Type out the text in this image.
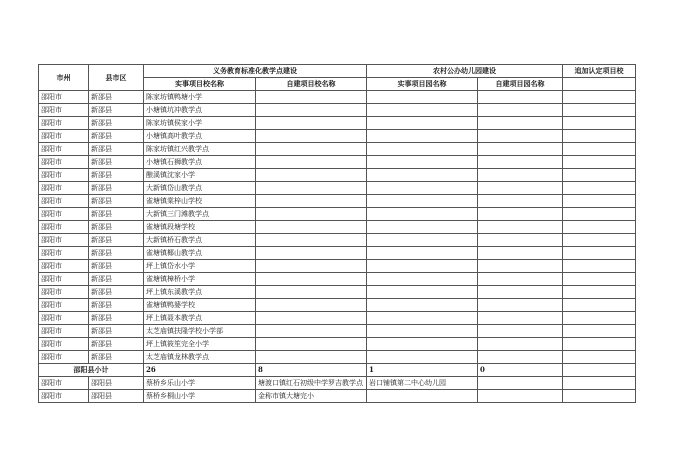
市州	县市区	义务教育标准化教学点建设		农村公办幼儿园建设		追加认定项目校
		实事项目校名称	自建项目校名称	实事项目园名称	自建项目园名称	
邵阳市	新邵县	陈家坊镇鸭塘小学				
邵阳市	新邵县	小塘镇坑冲教学点				
邵阳市	新邵县	陈家坊镇侯家小学				
邵阳市	新邵县	小塘镇高叶教学点				
邵阳市	新邵县	陈家坊镇红兴教学点				
邵阳市	新邵县	小塘镇石狮教学点				
邵阳市	新邵县	酿溪镇沈家小学				
邵阳市	新邵县	大新镇岱山教学点				
邵阳市	新邵县	雀塘镇棠梓山学校				
邵阳市	新邵县	大新镇三门滩教学点				
邵阳市	新邵县	雀塘镇段塘学校				
邵阳市	新邵县	大新镇桥石教学点				
邵阳市	新邵县	雀塘镇椰山教学点				
邵阳市	新邵县	坪上镇岱水小学				
邵阳市	新邵县	雀塘镇樟桥小学				
邵阳市	新邵县	坪上镇东溪教学点				
邵阳市	新邵县	雀塘镇鸭婆学校				
邵阳市	新邵县	坪上镇聂本教学点				
邵阳市	新邵县	太芝庙镇扶隆学校小学部				
邵阳市	新邵县	坪上镇筱笙完全小学				
邵阳市	新邵县	太芝庙镇龙林教学点				
邵阳县小计		26	8	1	0	
邵阳市	邵阳县	蔡桥乡乐山小学	塘渡口镇红石初级中学罗吉教学点	岩口铺镇第二中心幼儿园		
邵阳市	邵阳县	蔡桥乡桐山小学	金称市镇大塘完小			
